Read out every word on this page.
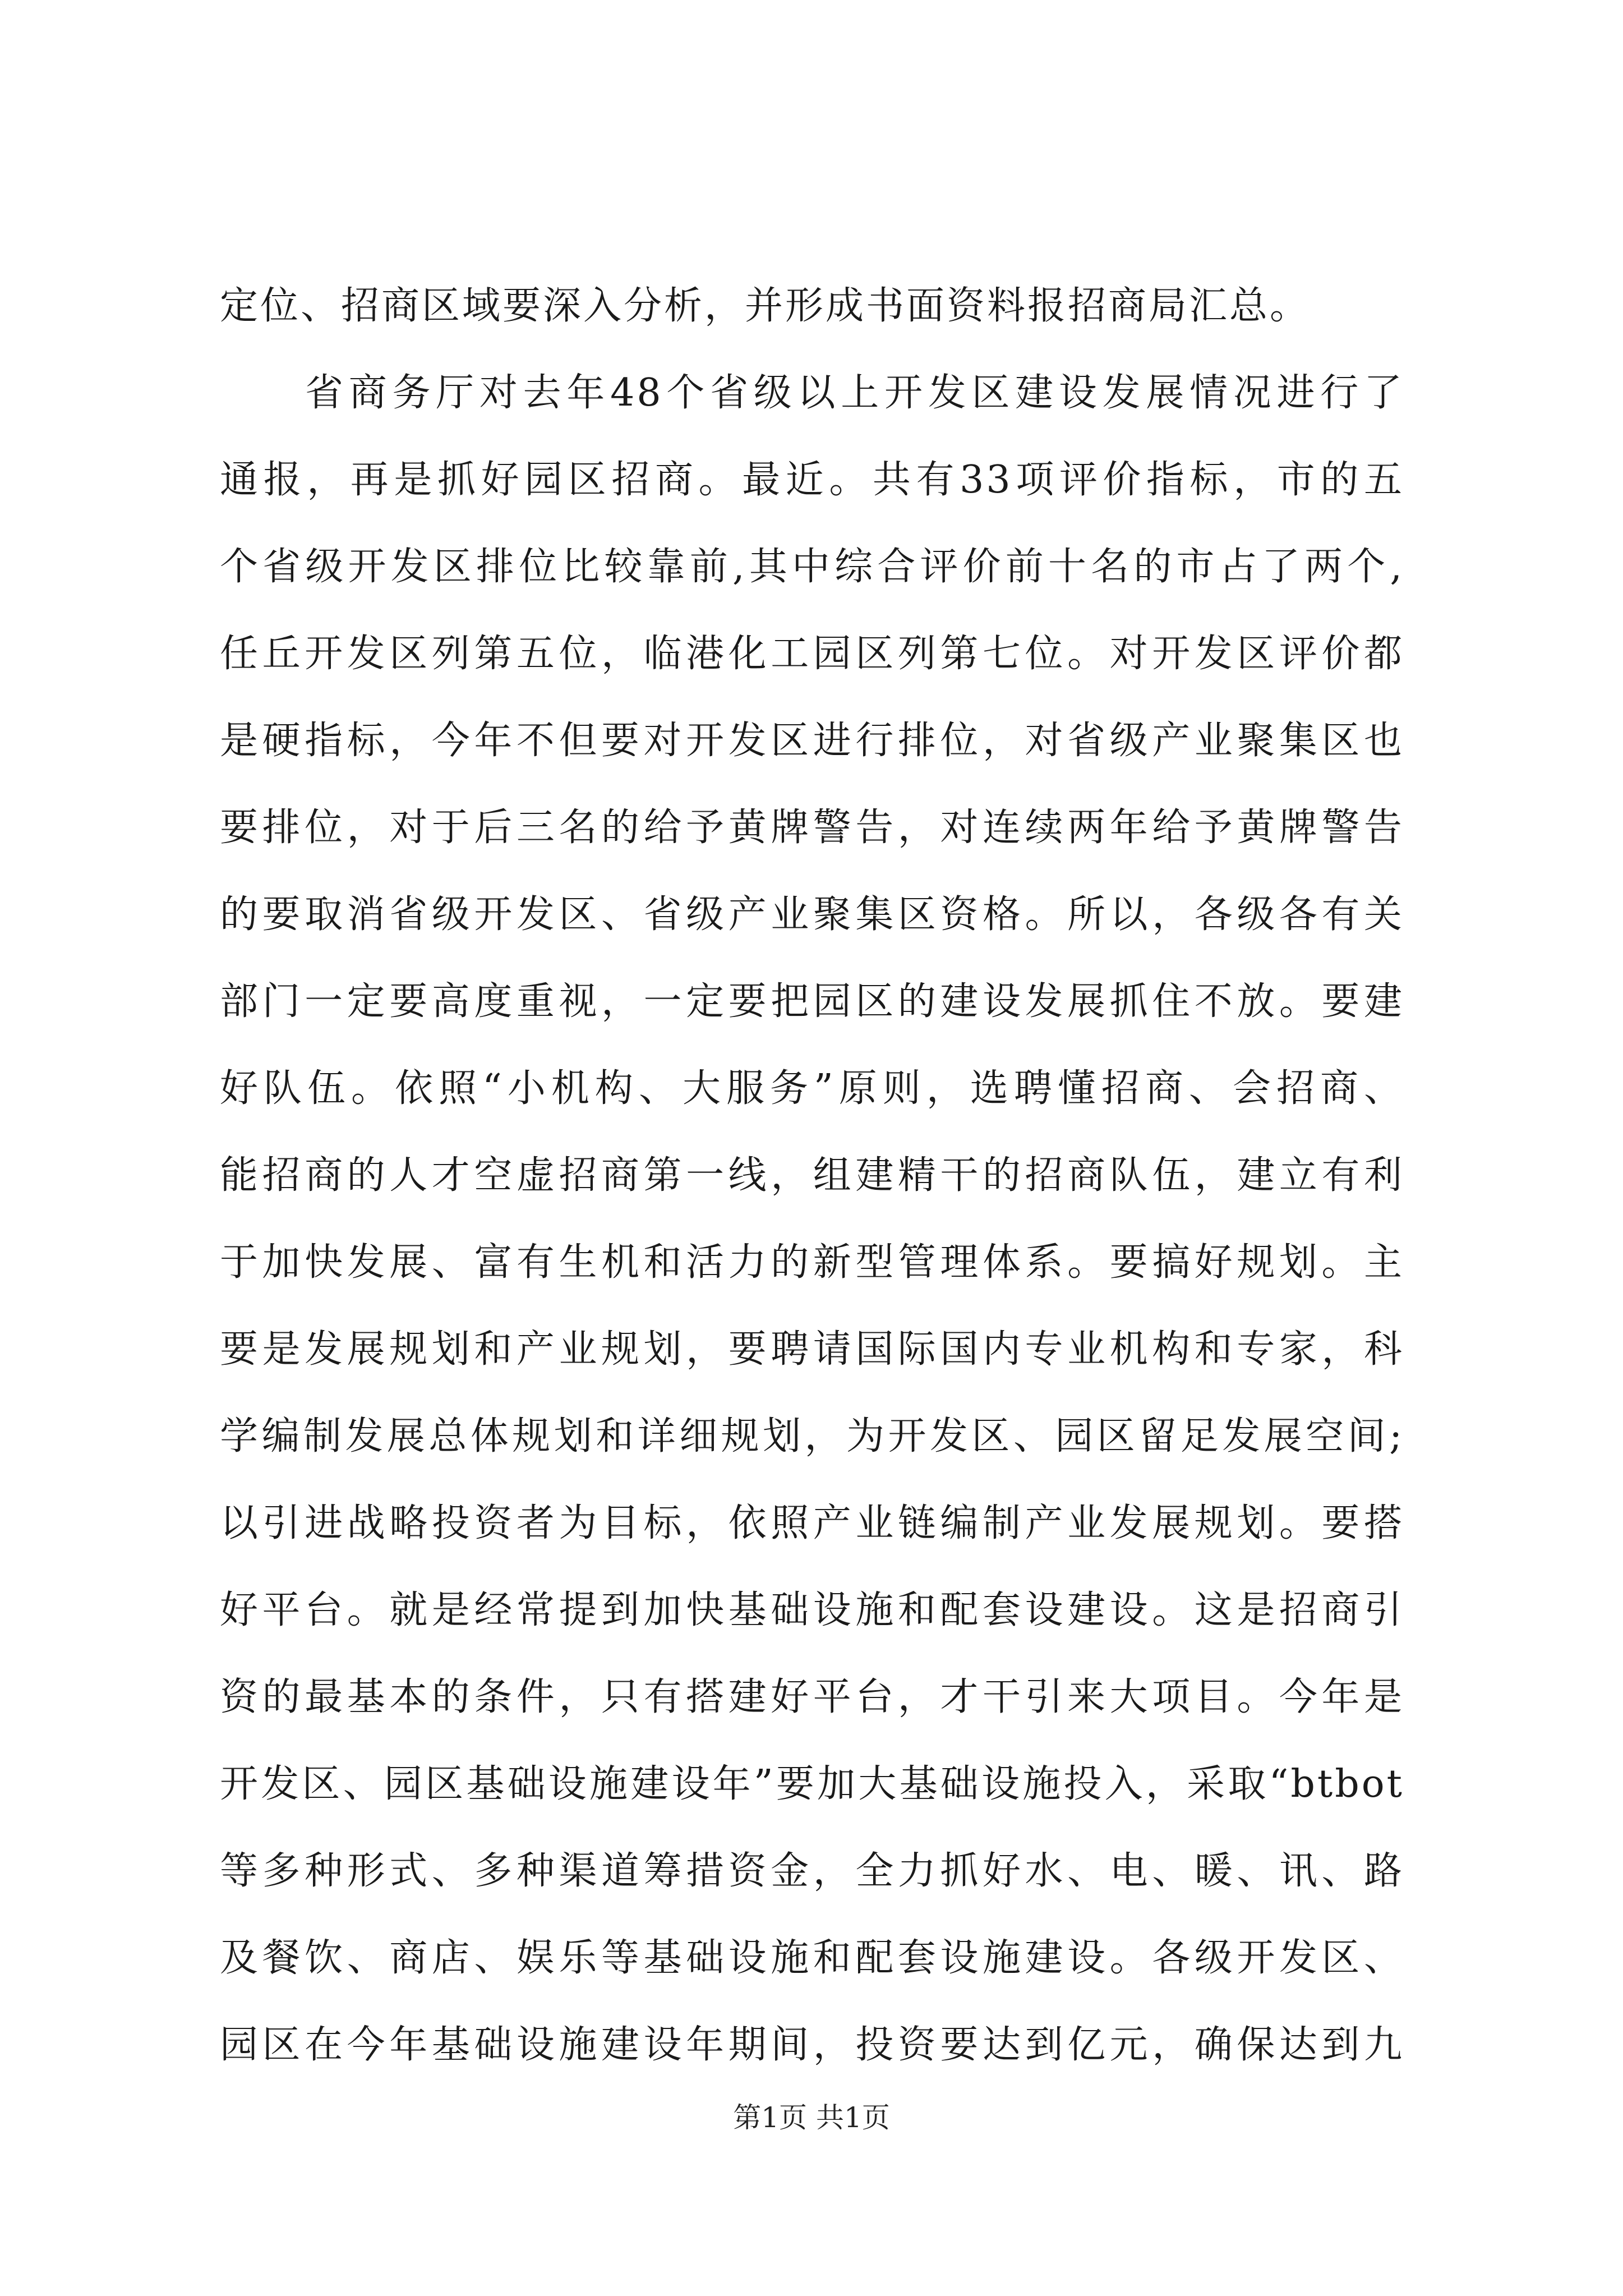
定位、招商区域要深入分析，并形成书面资料报招商局汇总。
省商务厅对去年48个省级以上开发区建设发展情况进行了
通报，再是抓好园区招商。最近。共有33项评价指标，市的五
个省级开发区排位比较靠前,其中综合评价前十名的市占了两个,
任丘开发区列第五位，临港化工园区列第七位。对开发区评价都
是硬指标，今年不但要对开发区进行排位，对省级产业聚集区也
要排位，对于后三名的给予黄牌警告，对连续两年给予黄牌警告
的要取消省级开发区、省级产业聚集区资格。所以，各级各有关
部门一定要高度重视，一定要把园区的建设发展抓住不放。要建
好队伍。依照“小机构、大服务”原则，选聘懂招商、会招商、
能招商的人才空虚招商第一线，组建精干的招商队伍，建立有利
于加快发展、富有生机和活力的新型管理体系。要搞好规划。主
要是发展规划和产业规划，要聘请国际国内专业机构和专家，科
学编制发展总体规划和详细规划，为开发区、园区留足发展空间;
以引进战略投资者为目标，依照产业链编制产业发展规划。要搭
好平台。就是经常提到加快基础设施和配套设建设。这是招商引
资的最基本的条件，只有搭建好平台，才干引来大项目。今年是
开发区、园区基础设施建设年”要加大基础设施投入，采取“btbot
等多种形式、多种渠道筹措资金，全力抓好水、电、暖、讯、路
及餐饮、商店、娱乐等基础设施和配套设施建设。各级开发区、
园区在今年基础设施建设年期间，投资要达到亿元，确保达到九
第1页 共1页
